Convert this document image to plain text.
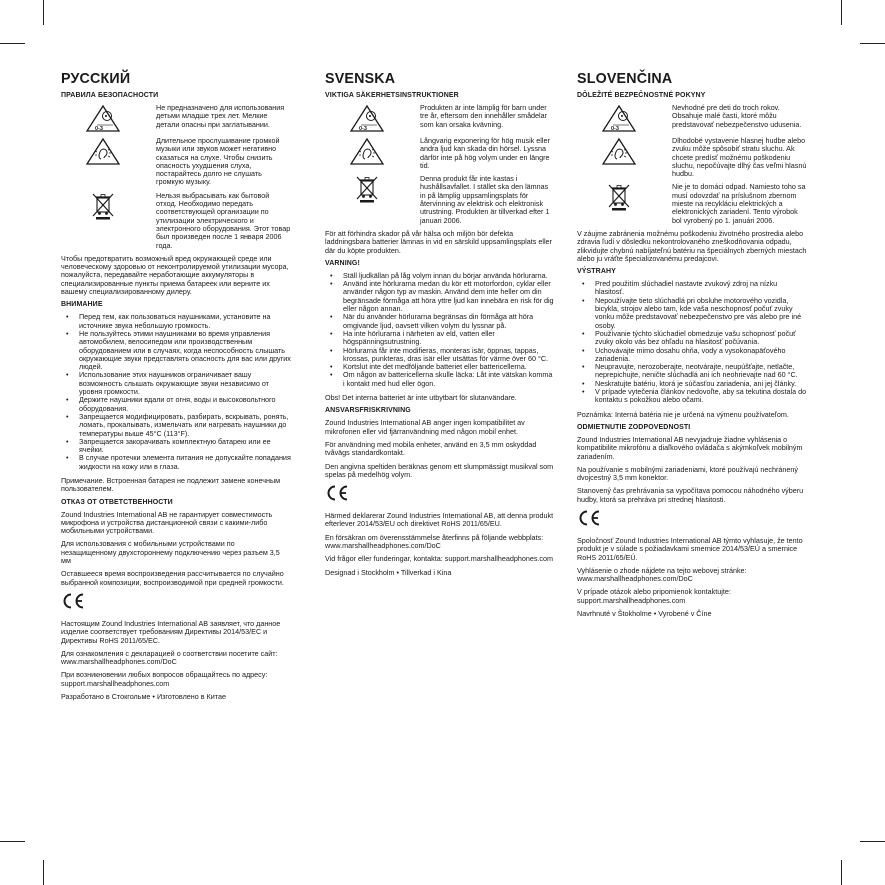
РУССКИЙ
ПРАВИЛА БЕЗОПАСНОСТИ
0-3
Не предназначено для использования детьми младше трех лет. Мелкие детали опасны при заглатывании.
Длительное прослушивание громкой музыки или звуков может негативно сказаться на слухе. Чтобы снизить опасность ухудшения слуха, постарайтесь долго не слушать громкую музыку.
Нельзя выбрасывать как бытовой отход. Необходимо передать соответствующей организации по утилизации электрического и электронного оборудования. Этот товар был произведен после 1 января 2006 года.

Чтобы предотвратить возможный вред окружающей среде или человеческому здоровью от неконтролируемой утилизации мусора, пожалуйста, передавайте неработающие аккумуляторы в специализированные пункты приема батареек или верните их вашему специализированному дилеру.

ВНИМАНИЕ
• Перед тем, как пользоваться наушниками, установите на источнике звука небольшую громкость.
• Не пользуйтесь этими наушниками во время управления автомобилем, велосипедом или производственным оборудованием или в случаях, когда неспособность слышать окружающие звуки представлять опасность для вас или других людей.
• Использование этих наушников ограничивает вашу возможность слышать окружающие звуки независимо от уровня громкости.
• Держите наушники вдали от огня, воды и высоковольтного оборудования.
• Запрещается модифицировать, разбирать, вскрывать, ронять, ломать, прокалывать, измельчать или нагревать наушники до температуры выше 45°C (113°F).
• Запрещается закорачивать комплектную батарею или ее ячейки.
• В случае протечки элемента питания не допускайте попадания жидкости на кожу или в глаза.

Примечание. Встроенная батарея не подлежит замене конечным пользователем.

ОТКАЗ ОТ ОТВЕТСТВЕННОСТИ

Zound Industries International AB не гарантирует совместимость микрофона и устройства дистанционной связи с какими-либо мобильными устройствами.

Для использования с мобильными устройствами по незащищенному двухстороннему подключению через разъем 3,5 мм

Оставшееся время воспроизведения рассчитывается по случайно выбранной композиции, воспроизводимой при средней громкости.

Настоящим Zound Industries International AB заявляет, что данное изделие соответствует требованиям Директивы 2014/53/ЕС и Директивы RoHS 2011/65/ЕС.

Для ознакомления с декларацией о соответствии посетите сайт: www.marshallheadphones.com/DoC

При возникновении любых вопросов обращайтесь по адресу: support.marshallheadphones.com

Разработано в Стокгольме • Изготовлено в Китае

SVENSKA
VIKTIGA SÄKERHETSINSTRUKTIONER
0-3
Produkten är inte lämplig för barn under tre år, eftersom den innehåller smådelar som kan orsaka kvävning.
Långvarig exponering för hög musik eller andra ljud kan skada din hörsel. Lyssna därför inte på hög volym under en längre tid.
Denna produkt får inte kastas i hushållsavfallet. I stället ska den lämnas in på lämplig uppsamlingsplats för återvinning av elektrisk och elektronisk utrustning. Produkten är tillverkad efter 1 januari 2006.

För att förhindra skador på vår hälsa och miljön bör defekta laddningsbara batterier lämnas in vid en särskild uppsamlingsplats eller där du köpte produkten.

VARNING!
• Ställ ljudkällan på låg volym innan du börjar använda hörlurarna.
• Använd inte hörlurarna medan du kör ett motorfordon, cyklar eller använder någon typ av maskin. Använd dem inte heller om din begränsade förmåga att höra yttre ljud kan innebära en risk för dig eller någon annan.
• När du använder hörlurarna begränsas din förmåga att höra omgivande ljud, oavsett vilken volym du lyssnar på.
• Ha inte hörlurarna i närheten av eld, vatten eller högspänningsutrustning.
• Hörlurarna får inte modifieras, monteras isär, öppnas, tappas, krossas, punkteras, dras isär eller utsättas för värme över 60 °C.
• Kortslut inte det medföljande batteriet eller battericellerna.
• Om någon av battericellerna skulle läcka: Låt inte vätskan komma i kontakt med hud eller ögon.

Obs! Det interna batteriet är inte utbytbart för slutanvändare.

ANSVARSFRISKRIVNING

Zound Industries International AB anger ingen kompatibilitet av mikrofonen eller vid fjärranvändning med någon mobil enhet.

För användning med mobila enheter, använd en 3,5 mm oskyddad tvåvägs standardkontakt.

Den angivna speltiden beräknas genom ett slumpmässigt musikval som spelas på medelhög volym.

Härmed deklarerar Zound Industries International AB, att denna produkt efterlever 2014/53/EU och direktivet RoHS 2011/65/EU.

En försäkran om överensstämmelse återfinns på följande webbplats: www.marshallheadphones.com/DoC

Vid frågor eller funderingar, kontakta: support.marshallheadphones.com

Designad i Stockholm • Tillverkad i Kina

SLOVENČINA
DÔLEŽITÉ BEZPEČNOSTNÉ POKYNY
0-3
Nevhodné pre deti do troch rokov. Obsahuje malé časti, ktoré môžu predstavovať nebezpečenstvo udusenia.
Dlhodobé vystavenie hlasnej hudbe alebo zvuku môže spôsobiť stratu sluchu. Ak chcete predísť možnému poškodeniu sluchu, nepočúvajte dlhý čas veľmi hlasnú hudbu.
Nie je to domáci odpad. Namiesto toho sa musí odovzdať na príslušnom zbernom mieste na recykláciu elektrických a elektronických zariadení. Tento výrobok bol vyrobený po 1. januári 2006.

V záujme zabránenia možnému poškodeniu životného prostredia alebo zdravia ľudí v dôsledku nekontrolovaného zneškodňovania odpadu, zlikvidujte chybnú nabíjateľnú batériu na špeciálnych zberných miestach alebo ju vráťte špecializovanému predajcovi.

VÝSTRAHY
• Pred použitím slúchadiel nastavte zvukový zdroj na nízku hlasitosť.
• Nepoužívajte tieto slúchadlá pri obsluhe motorového vozidla, bicykla, strojov alebo tam, kde vaša neschopnosť počuť zvuky vonku môže predstavovať nebezpečenstvo pre vás alebo pre iné osoby.
• Používanie týchto slúchadiel obmedzuje vašu schopnosť počuť zvuky okolo vás bez ohľadu na hlasitosť počúvania.
• Uchovávajte mimo dosahu ohňa, vody a vysokonapäťového zariadenia.
• Neupravujte, nerozoberajte, neotvárajte, neupúšťajte, netlačte, neprepichujte, neničte slúchadlá ani ich neohrievajte nad 60 °C.
• Neskratujte batériu, ktorá je súčasťou zariadenia, ani jej články.
• V prípade vytečenia článkov nedovoľte, aby sa tekutina dostala do kontaktu s pokožkou alebo očami.

Poznámka: Interná batéria nie je určená na výmenu používateľom.

ODMIETNUTIE ZODPOVEDNOSTI

Zound Industries International AB nevyjadruje žiadne vyhlásenia o kompatibilite mikrofónu a diaľkového ovládača s akýmkoľvek mobilným zariadením.

Na používanie s mobilnými zariadeniami, ktoré používajú nechránený dvojcestný 3,5 mm konektor.

Stanovený čas prehrávania sa vypočítava pomocou náhodného výberu hudby, ktorá sa prehráva pri strednej hlasitosti.

Spoločnosť Zound Industries International AB týmto vyhlasuje, že tento produkt je v súlade s požiadavkami smernice 2014/53/EÚ a smernice RoHS 2011/65/EÚ.

Vyhlásenie o zhode nájdete na tejto webovej stránke: www.marshallheadphones.com/DoC

V prípade otázok alebo pripomienok kontaktujte: support.marshallheadphones.com

Navrhnuté v Štokholme • Vyrobené v Číne
